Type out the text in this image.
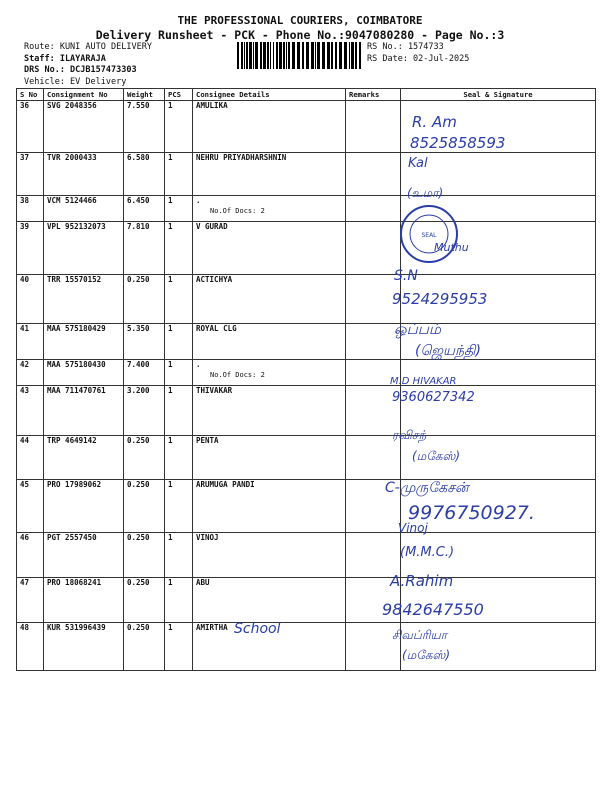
THE PROFESSIONAL COURIERS, COIMBATORE
Delivery Runsheet - PCK - Phone No.:9047080280 - Page No.:3
Route: KUNI AUTO DELIVERY
Staff: ILAYARAJA
DRS No.: DCJB157473303
Vehicle: EV Delivery
RS No.: 1574733
RS Date: 02-Jul-2025
S No	Consignment No	Weight	PCS	Consignee Details	Remarks	Seal & Signature
36	SVG 2048356	7.550	1	AMULIKA		
37	TVR 2000433	6.580	1	NEHRU PRIYADHARSHNIN		
38	VCM 5124466	6.450	1	.
No.Of Docs: 2		

39	VPL 952132073	7.810	1	V GURAD		
40	TRR 15570152	0.250	1	ACTICHYA		
41	MAA 575180429	5.350	1	ROYAL CLG		
42	MAA 575180430	7.400	1	.
No.Of Docs: 2		

43	MAA 711470761	3.200	1	THIVAKAR		
44	TRP 4649142	0.250	1	PENTA		
45	PRO 17989062	0.250	1	ARUMUGA PANDI		
46	PGT 2557450	0.250	1	VINOJ		
47	PRO 18068241	0.250	1	ABU		
48	KUR 531996439	0.250	1	AMIRTHA		
R. Am
8525858593
Kal
(உமா)
Muthu
S.N
9524295953
ஒப்பம்
(ஜெயந்தி)
M.D HIVAKAR
9360627342
ரவிசந்
(மகேஸ்)
C-முருகேசன்
9976750927.
Vinoj
(M.M.C.)
A.Rahim
9842647550
School	சிவப்ரியா
(மகேஸ்)
SEAL
